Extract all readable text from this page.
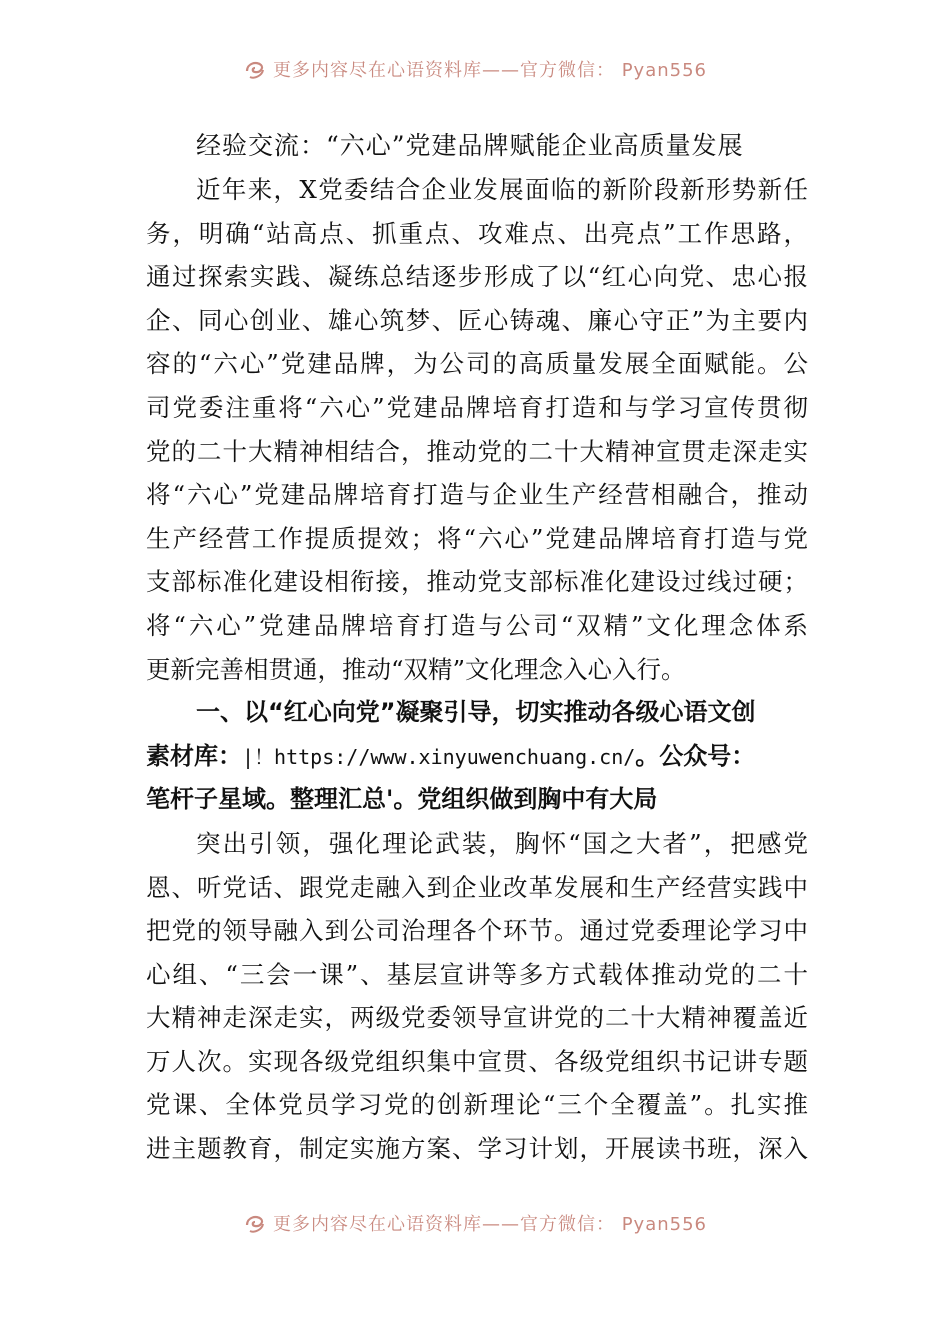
更多内容尽在心语资料库——官方微信： Pyan556
经验交流：“六心”党建品牌赋能企业高质量发展
近年来，X党委结合企业发展面临的新阶段新形势新任
务，明确“站高点、抓重点、攻难点、出亮点”工作思路，
通过探索实践、凝练总结逐步形成了以“红心向党、忠心报
企、同心创业、雄心筑梦、匠心铸魂、廉心守正”为主要内
容的“六心”党建品牌，为公司的高质量发展全面赋能。公
司党委注重将“六心”党建品牌培育打造和与学习宣传贯彻
党的二十大精神相结合，推动党的二十大精神宣贯走深走实
将“六心”党建品牌培育打造与企业生产经营相融合，推动
生产经营工作提质提效；将“六心”党建品牌培育打造与党
支部标准化建设相衔接，推动党支部标准化建设过线过硬；
将“六心”党建品牌培育打造与公司“双精”文化理念体系
更新完善相贯通，推动“双精”文化理念入心入行。
一、以“红心向党”凝聚引导，切实推动各级心语文创
素材库：|！https://www.xinyuwenchuang.cn/。公众号：
笔杆子星域。整理汇总'。党组织做到胸中有大局
突出引领，强化理论武装，胸怀“国之大者”，把感党
恩、听党话、跟党走融入到企业改革发展和生产经营实践中
把党的领导融入到公司治理各个环节。通过党委理论学习中
心组、“三会一课”、基层宣讲等多方式载体推动党的二十
大精神走深走实，两级党委领导宣讲党的二十大精神覆盖近
万人次。实现各级党组织集中宣贯、各级党组织书记讲专题
党课、全体党员学习党的创新理论“三个全覆盖”。扎实推
进主题教育，制定实施方案、学习计划，开展读书班，深入
更多内容尽在心语资料库——官方微信： Pyan556
